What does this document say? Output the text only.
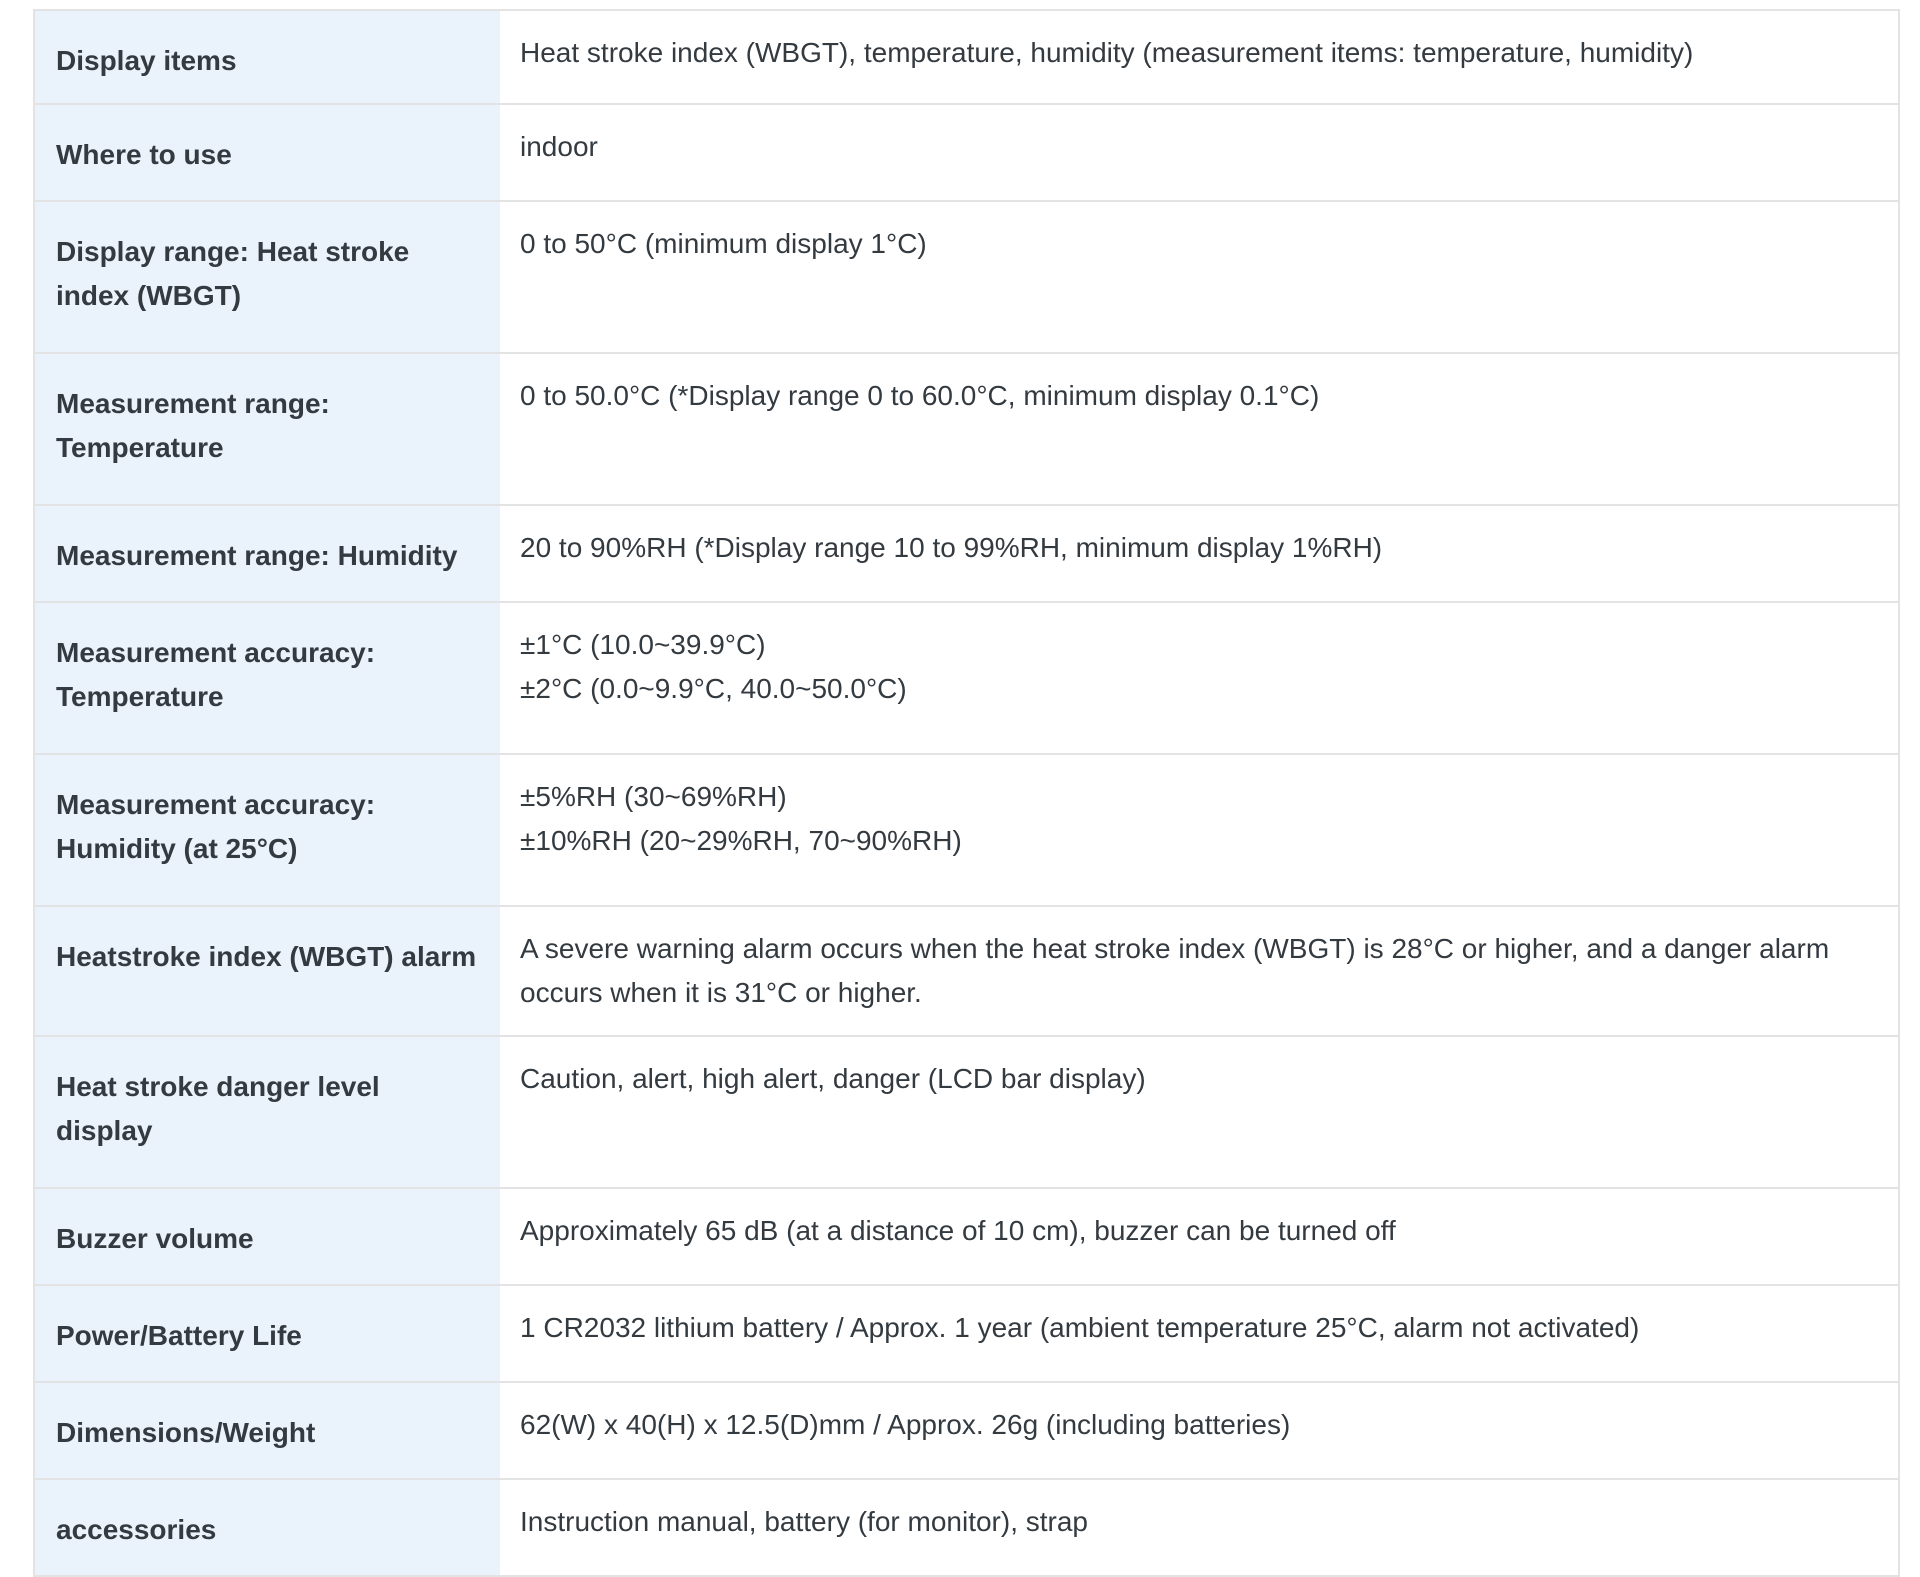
Display items	Heat stroke index (WBGT), temperature, humidity (measurement items: temperature, humidity)

Where to use	indoor

Display range: Heat stroke index (WBGT)	0 to 50°C (minimum display 1°C)

Measurement range: Temperature	0 to 50.0°C (*Display range 0 to 60.0°C, minimum display 0.1°C)

Measurement range: Humidity	20 to 90%RH (*Display range 10 to 99%RH, minimum display 1%RH)

Measurement accuracy: Temperature	±1°C (10.0~39.9°C)
±2°C (0.0~9.9°C, 40.0~50.0°C)

Measurement accuracy: Humidity (at 25°C)	±5%RH (30~69%RH)
±10%RH (20~29%RH, 70~90%RH)

Heatstroke index (WBGT) alarm	A severe warning alarm occurs when the heat stroke index (WBGT) is 28°C or higher, and a danger alarm occurs when it is 31°C or higher.

Heat stroke danger level display	Caution, alert, high alert, danger (LCD bar display)

Buzzer volume	Approximately 65 dB (at a distance of 10 cm), buzzer can be turned off

Power/Battery Life	1 CR2032 lithium battery / Approx. 1 year (ambient temperature 25°C, alarm not activated)

Dimensions/Weight	62(W) x 40(H) x 12.5(D)mm / Approx. 26g (including batteries)

accessories	Instruction manual, battery (for monitor), strap
